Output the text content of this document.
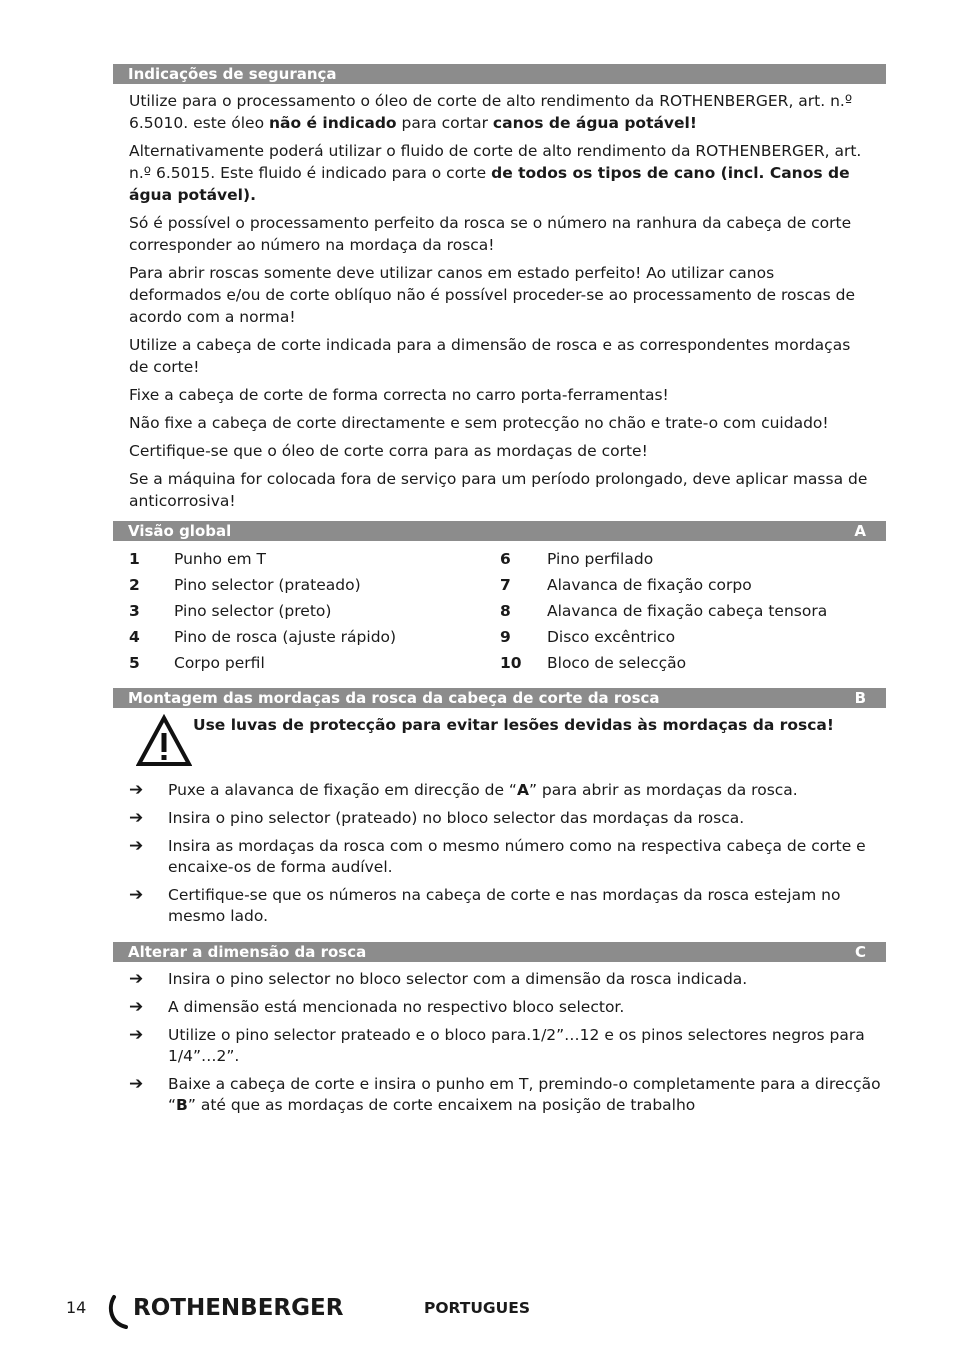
Indicações de segurança

Utilize para o processamento o óleo de corte de alto rendimento da ROTHENBERGER, art. n.º 6.5010. este óleo não é indicado para cortar canos de água potável!

Alternativamente poderá utilizar o fluido de corte de alto rendimento da ROTHENBERGER, art. n.º 6.5015. Este fluido é indicado para o corte de todos os tipos de cano (incl. Canos de água potável).

Só é possível o processamento perfeito da rosca se o número na ranhura da cabeça de corte corresponder ao número na mordaça da rosca!

Para abrir roscas somente deve utilizar canos em estado perfeito! Ao utilizar canos deformados e/ou de corte oblíquo não é possível proceder-se ao processamento de roscas de acordo com a norma!

Utilize a cabeça de corte indicada para a dimensão de rosca e as correspondentes mordaças de corte!

Fixe a cabeça de corte de forma correcta no carro porta-ferramentas!

Não fixe a cabeça de corte directamente e sem protecção no chão e trate-o com cuidado!

Certifique-se que o óleo de corte corra para as mordaças de corte!

Se a máquina for colocada fora de serviço para um período prolongado, deve aplicar massa de anticorrosiva!

Visão global	A
1 Punho em T
2 Pino selector (prateado)
3 Pino selector (preto)
4 Pino de rosca (ajuste rápido)
5 Corpo perfil
6 Pino perfilado
7 Alavanca de fixação corpo
8 Alavanca de fixação cabeça tensora
9 Disco excêntrico
10 Bloco de selecção
Montagem das mordaças da rosca da cabeça de corte da rosca	B
Use luvas de protecção para evitar lesões devidas às mordaças da rosca!
➔ Puxe a alavanca de fixação em direcção de “A” para abrir as mordaças da rosca.
➔ Insira o pino selector (prateado) no bloco selector das mordaças da rosca.
➔ Insira as mordaças da rosca com o mesmo número como na respectiva cabeça de corte e encaixe-os de forma audível.
➔ Certifique-se que os números na cabeça de corte e nas mordaças da rosca estejam no mesmo lado.
Alterar a dimensão da rosca	C
➔ Insira o pino selector no bloco selector com a dimensão da rosca indicada.
➔ A dimensão está mencionada no respectivo bloco selector.
➔ Utilize o pino selector prateado e o bloco para.1/2”…12 e os pinos selectores negros para 1/4”…2”.
➔ Baixe a cabeça de corte e insira o punho em T, premindo-o completamente para a direcção “B” até que as mordaças de corte encaixem na posição de trabalho
14 ROTHENBERGER	PORTUGUES
